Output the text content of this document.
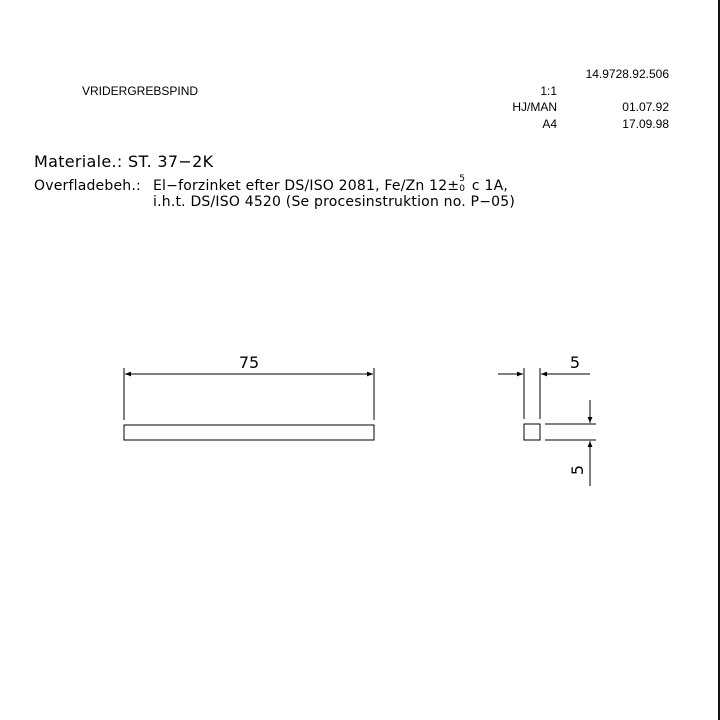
14.9728.92.506
VRIDERGREBSPIND	1:1
HJ/MAN	01.07.92
A4	17.09.98
Materiale.: ST. 37−2K
Overfladebeh.: El−forzinket efter DS/ISO 2081, Fe/Zn 12± 5
0 c 1A,
i.h.t. DS/ISO 4520 (Se procesinstruktion no. P−05)
75	5
5
